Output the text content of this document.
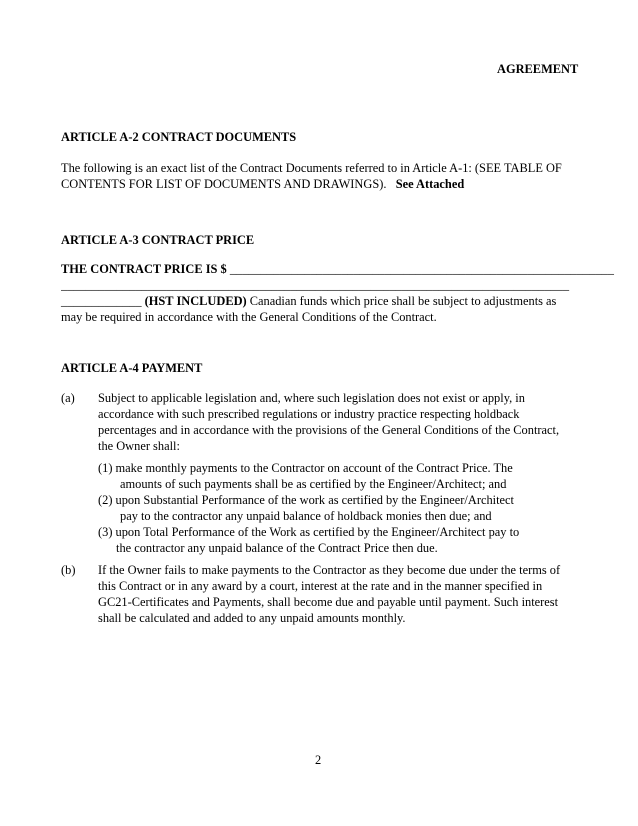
AGREEMENT
ARTICLE A-2 CONTRACT DOCUMENTS
The following is an exact list of the Contract Documents referred to in Article A-1: (SEE TABLE OF
CONTENTS FOR LIST OF DOCUMENTS AND DRAWINGS). See Attached
ARTICLE A-3 CONTRACT PRICE
THE CONTRACT PRICE IS $ ______________________________________________________________
__________________________________________________________________________________
_____________ (HST INCLUDED) Canadian funds which price shall be subject to adjustments as
may be required in accordance with the General Conditions of the Contract.
ARTICLE A-4 PAYMENT
(a) Subject to applicable legislation and, where such legislation does not exist or apply, in
accordance with such prescribed regulations or industry practice respecting holdback
percentages and in accordance with the provisions of the General Conditions of the Contract,
the Owner shall:
(1) make monthly payments to the Contractor on account of the Contract Price. The
amounts of such payments shall be as certified by the Engineer/Architect; and
(2) upon Substantial Performance of the work as certified by the Engineer/Architect
pay to the contractor any unpaid balance of holdback monies then due; and
(3) upon Total Performance of the Work as certified by the Engineer/Architect pay to
the contractor any unpaid balance of the Contract Price then due.
(b) If the Owner fails to make payments to the Contractor as they become due under the terms of
this Contract or in any award by a court, interest at the rate and in the manner specified in
GC21-Certificates and Payments, shall become due and payable until payment. Such interest
shall be calculated and added to any unpaid amounts monthly.
2
